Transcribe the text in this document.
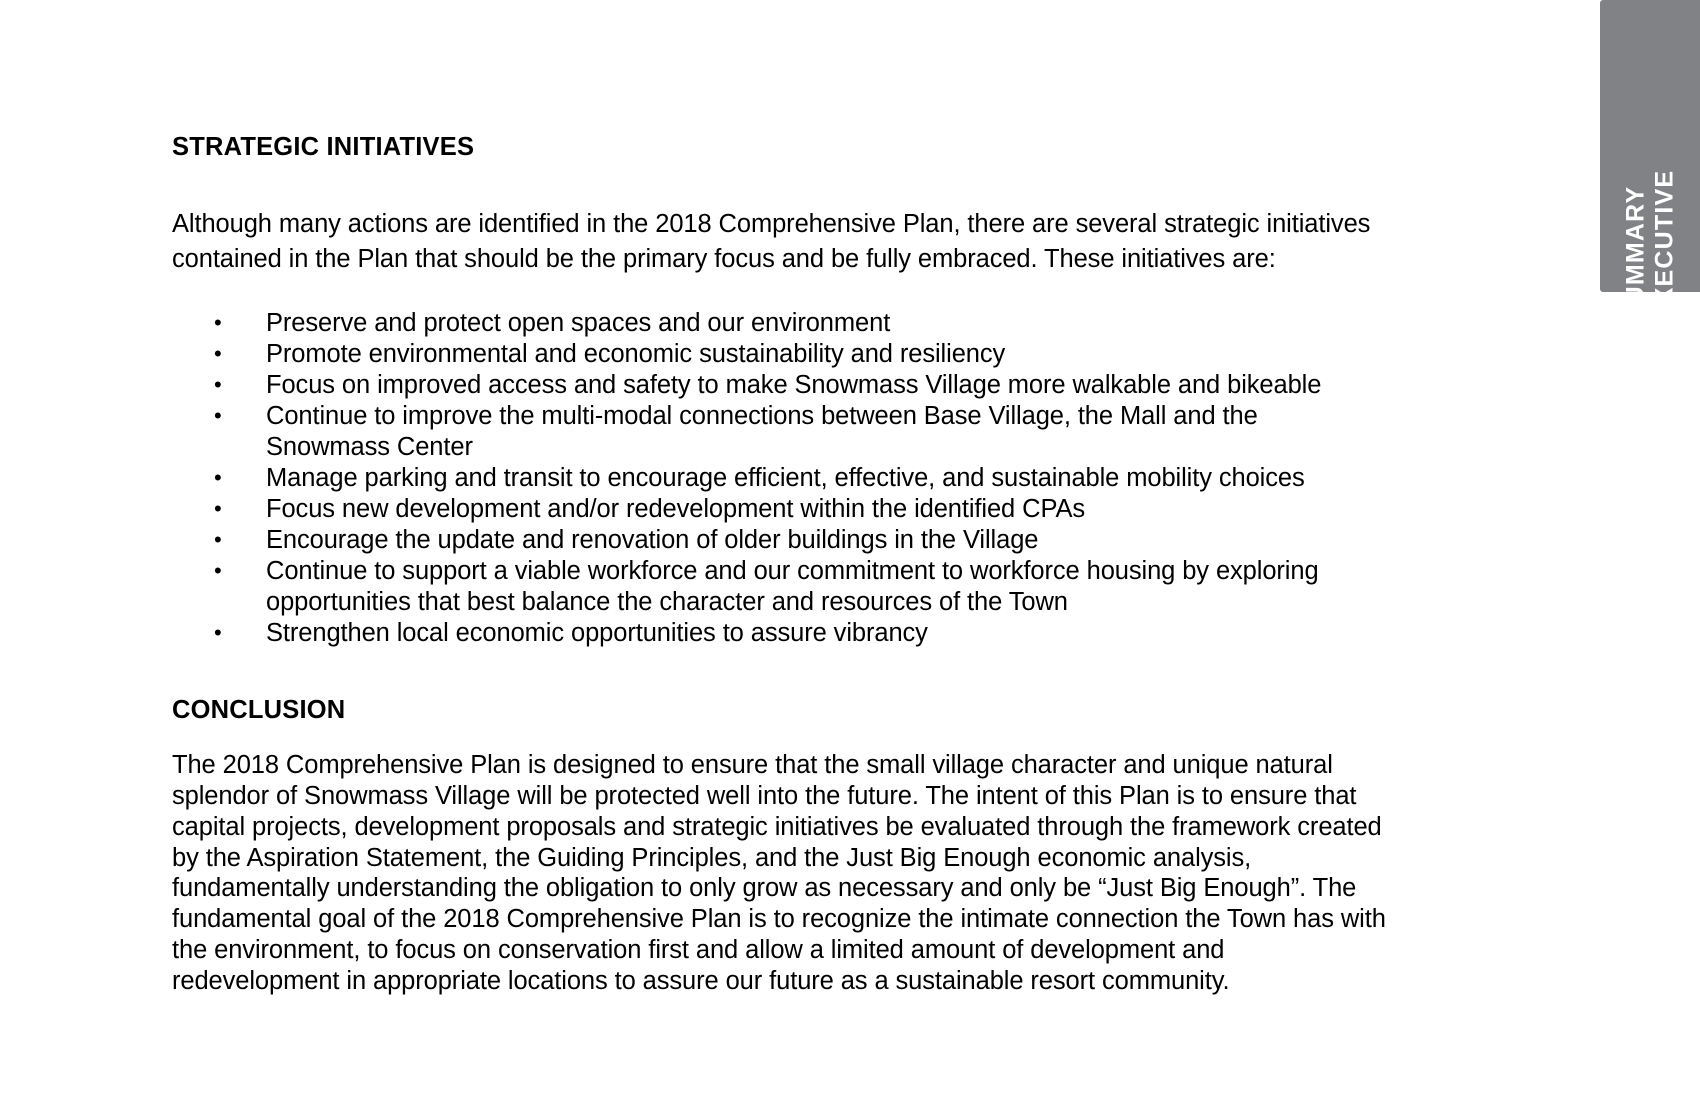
EXECUTIVE
SUMMARY
STRATEGIC INITIATIVES

Although many actions are identified in the 2018 Comprehensive Plan, there are several strategic initiatives contained in the Plan that should be the primary focus and be fully embraced. These initiatives are:

• Preserve and protect open spaces and our environment
• Promote environmental and economic sustainability and resiliency
• Focus on improved access and safety to make Snowmass Village more walkable and bikeable
• Continue to improve the multi-modal connections between Base Village, the Mall and the Snowmass Center
• Manage parking and transit to encourage efficient, effective, and sustainable mobility choices
• Focus new development and/or redevelopment within the identified CPAs
• Encourage the update and renovation of older buildings in the Village
• Continue to support a viable workforce and our commitment to workforce housing by exploring opportunities that best balance the character and resources of the Town
• Strengthen local economic opportunities to assure vibrancy
CONCLUSION

The 2018 Comprehensive Plan is designed to ensure that the small village character and unique natural splendor of Snowmass Village will be protected well into the future. The intent of this Plan is to ensure that capital projects, development proposals and strategic initiatives be evaluated through the framework created by the Aspiration Statement, the Guiding Principles, and the Just Big Enough economic analysis, fundamentally understanding the obligation to only grow as necessary and only be “Just Big Enough”. The fundamental goal of the 2018 Comprehensive Plan is to recognize the intimate connection the Town has with the environment, to focus on conservation first and allow a limited amount of development and redevelopment in appropriate locations to assure our future as a sustainable resort community.
